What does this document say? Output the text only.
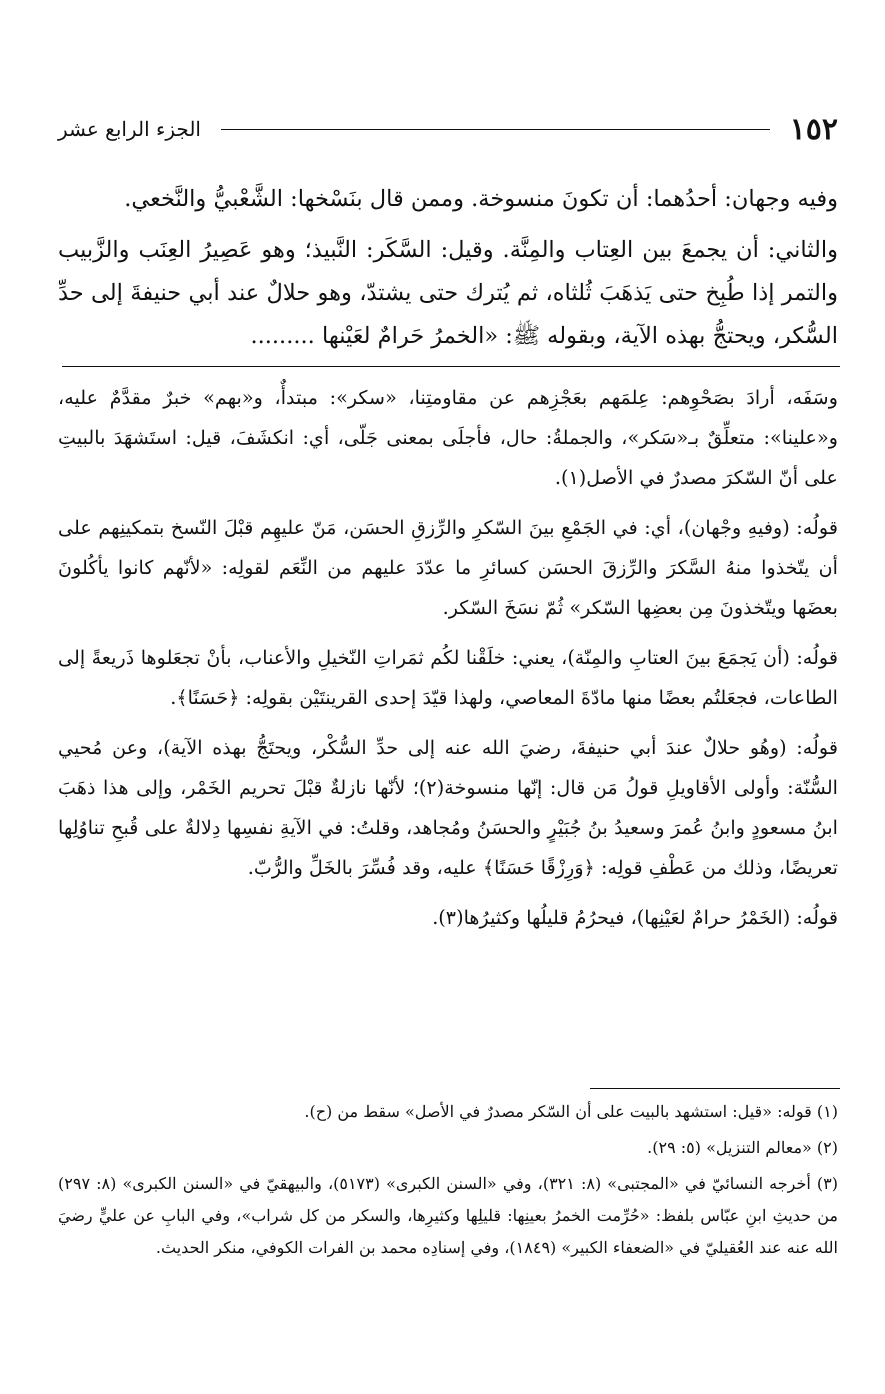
١٥٢
الجزء الرابع عشر

وفيه وجهان: أحدُهما: أن تكونَ منسوخة. وممن قال بنَسْخها: الشَّعْبيُّ والنَّخعي.

والثاني: أن يجمعَ بين العِتاب والمِنَّة. وقيل: السَّكَر: النَّبيذ؛ وهو عَصِيرُ العِنَب والزَّبيب والتمر إذا طُبِخ حتى يَذهَبَ ثُلثاه، ثم يُترك حتى يشتدّ، وهو حلالٌ عند أبي حنيفةَ إلى حدِّ السُّكر، ويحتجُّ بهذه الآية، وبقوله ﷺ: «الخمرُ حَرامٌ لعَيْنها .........

وسَفَه، أرادَ بصَحْوِهم: عِلمَهم بعَجْزِهم عن مقاومتِنا، «سكر»: مبتدأٌ، و«بهم» خبرٌ مقدَّمٌ عليه، و«علينا»: متعلِّقٌ بـ«سَكر»، والجملةُ: حال، فأجلَى بمعنى جَلّى، أي: انكشَفَ، قيل: استَشهَدَ بالبيتِ على أنّ السّكرَ مصدرٌ في الأصل(١).

قولُه: (وفيهِ وجْهان)، أي: في الجَمْعِ بينَ السّكرِ والرِّزقِ الحسَن، مَنّ عليهِم قبْلَ النّسخ بتمكينِهم على أن يتّخذوا منهُ السَّكرَ والرِّزقَ الحسَن كسائرِ ما عدّدَ عليهم من النِّعَم لقولِه: «لأنّهم كانوا يأكُلونَ بعضَها ويتّخذونَ مِن بعضِها السّكر» ثُمّ نسَخَ السّكر.

قولُه: (أن يَجمَعَ بينَ العتابِ والمِنّة)، يعني: خلَقْنا لكُم ثمَراتِ النّخيلِ والأعناب، بأنْ تجعَلوها ذَريعةً إلى الطاعات، فجعَلتُم بعضًا منها مادّةَ المعاصي، ولهذا قيّدَ إحدى القرينتَيْن بقولِه: ﴿حَسَنًا﴾.

قولُه: (وهُو حلالٌ عندَ أبي حنيفةَ، رضيَ الله عنه إلى حدِّ السُّكْر، ويحتَجُّ بهذه الآية)، وعن مُحيي السُّنّة: وأولى الأقاويلِ قولُ مَن قال: إنّها منسوخة(٢)؛ لأنّها نازلةٌ قبْلَ تحريم الخَمْر، وإلى هذا ذهَبَ ابنُ مسعودٍ وابنُ عُمرَ وسعيدُ بنُ جُبَيْرٍ والحسَنُ ومُجاهد، وقلتُ: في الآيةِ نفسِها دِلالةٌ على قُبحِ تناوُلِها تعريضًا، وذلك من عَطْفِ قولِه: ﴿وَرِزْقًا حَسَنًا﴾ عليه، وقد فُسِّرَ بالخَلِّ والرُّبّ.

قولُه: (الخَمْرُ حرامٌ لعَيْنِها)، فيحرُمُ قليلُها وكثيرُها(٣).

(١) قوله: «قيل: استشهد بالبيت على أن السّكر مصدرٌ في الأصل» سقط من (ح).

(٢) «معالم التنزيل» (٥: ٢٩).

(٣) أخرجه النسائيّ في «المجتبى» (٨: ٣٢١)، وفي «السنن الكبرى» (٥١٧٣)، والبيهقيّ في «السنن الكبرى» (٨: ٢٩٧) من حديثِ ابنِ عبّاس بلفظ: «حُرِّمت الخمرُ بعينِها: قليلِها وكثيرِها، والسكر من كل شراب»، وفي البابِ عن عليٍّ رضيَ الله عنه عند العُقيليّ في «الضعفاء الكبير» (١٨٤٩)، وفي إسنادِه محمد بن الفرات الكوفي، منكر الحديث.
